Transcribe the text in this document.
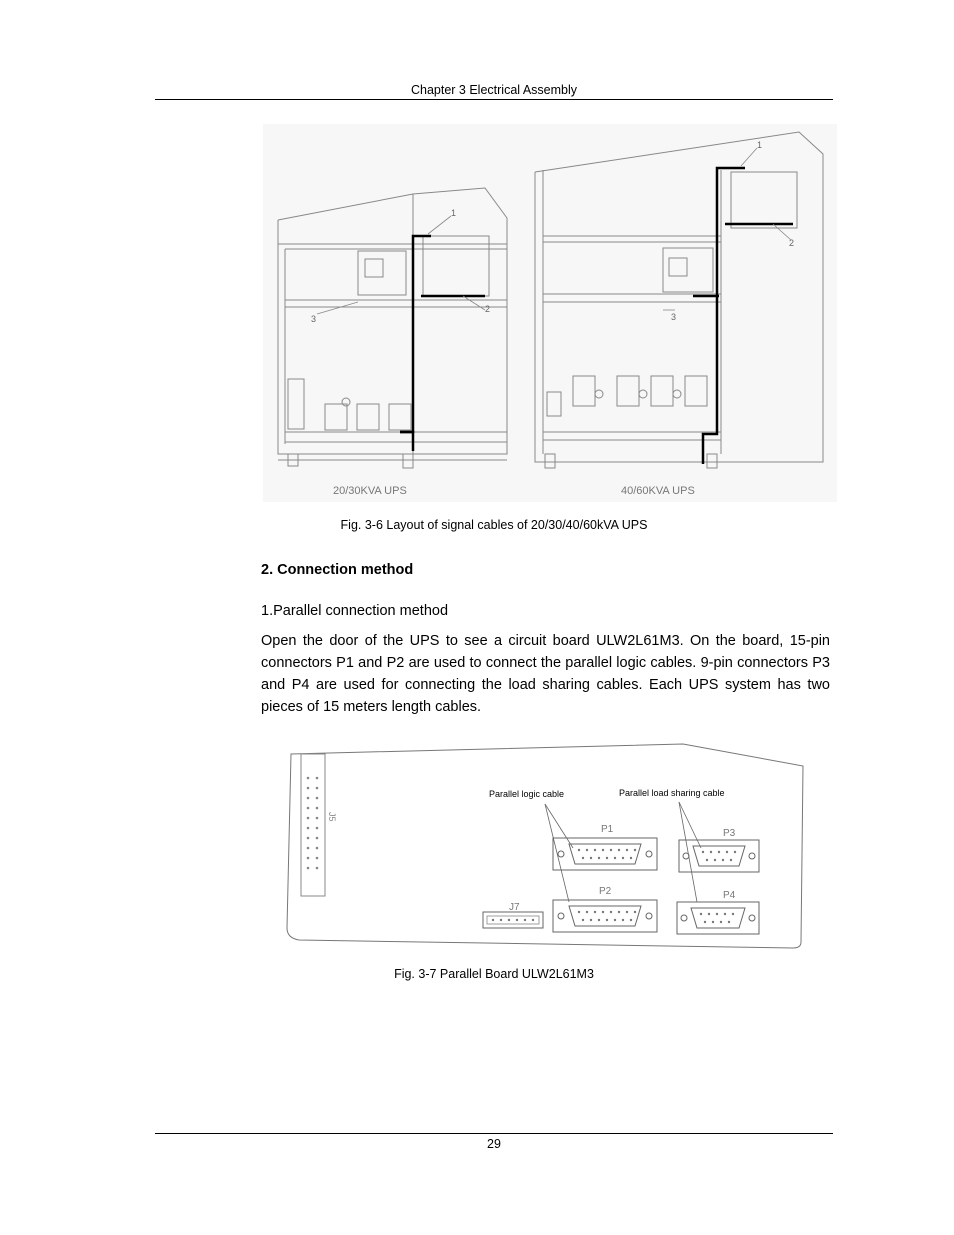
Chapter 3 Electrical Assembly
1
2
3
20/30KVA UPS
1
2
3
40/60KVA UPS
Fig. 3-6 Layout of signal cables of 20/30/40/60kVA UPS
2. Connection method
1.Parallel connection method

Open the door of the UPS to see a circuit board ULW2L61M3. On the board, 15-pin connectors P1 and P2 are used to connect the parallel logic cables. 9-pin connectors P3 and P4 are used for connecting the load sharing cables. Each UPS system has two pieces of 15 meters length cables.

J5
Parallel logic cable	Parallel load sharing cable
P1
P2
P3
P4
J7
Fig. 3-7 Parallel Board ULW2L61M3
29
